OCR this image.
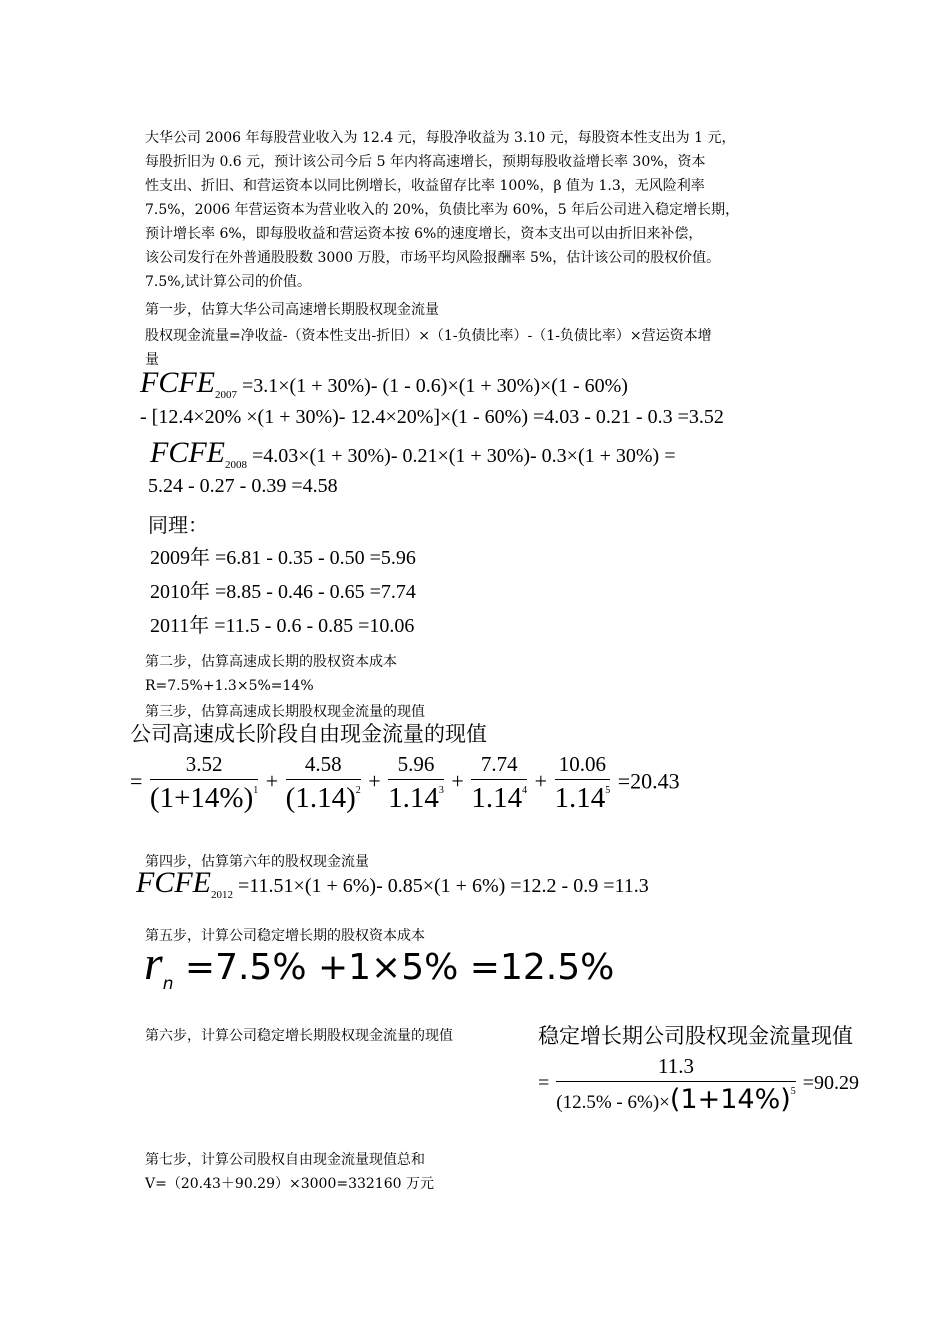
大华公司 2006 年每股营业收入为 12.4 元，每股净收益为 3.10 元，每股资本性支出为 1 元，
每股折旧为 0.6 元，预计该公司今后 5 年内将高速增长，预期每股收益增长率 30%，资本
性支出、折旧、和营运资本以同比例增长，收益留存比率 100%，β 值为 1.3，无风险利率
7.5%，2006 年营运资本为营业收入的 20%，负债比率为 60%，5 年后公司进入稳定增长期，
预计增长率 6%，即每股收益和营运资本按 6%的速度增长，资本支出可以由折旧来补偿，
该公司发行在外普通股股数 3000 万股，市场平均风险报酬率 5%，估计该公司的股权价值。
7.5%,试计算公司的价值。
第一步，估算大华公司高速增长期股权现金流量
股权现金流量=净收益-（资本性支出-折旧）×（1-负债比率）-（1-负债比率）×营运资本增
量
$FCFE_{2007} =3.1\times(1 + 30\%)-$ (1 - 0.6)×(1 + 30%)×(1 - 60%)
- [12.4×20% ×(1 + 30%)- 12.4×20%]×(1 - 60%) =4.03 - 0.21 - 0.3 =3.52
$FCFE_{2008} =4.03\times(1 + 30\%)-$ 0.21×(1 + 30%)- 0.3×(1 + 30%) =
5.24 - 0.27 - 0.39 =4.58
同理：
2009年 =6.81 - 0.35 - 0.50 =5.96
2010年 =8.85 - 0.46 - 0.65 =7.74
2011年 =11.5 - 0.6 - 0.85 =10.06
第二步，估算高速成长期的股权资本成本
R=7.5%+1.3×5%=14%
第三步，估算高速成长期股权现金流量的现值
公司高速成长阶段自由现金流量的现值
= $\frac{3.52}{(1+14\%)^1} + \frac{4.58}{(1.14)^2} + \frac{5.96}{1.14^3} + \frac{7.74}{1.14^4} + \frac{10.06}{1.14^5} =20.43$
第四步，估算第六年的股权现金流量
$FCFE_{2012} =11.51\times(1 + 6\%)-$ 0.85×(1 + 6%) =12.2 - 0.9 =11.3
第五步，计算公司稳定增长期的股权资本成本
$r_n =7.5\% +1\times 5\% =12.5\%$
第六步，计算公司稳定增长期股权现金流量的现值	稳定增长期公司股权现金流量现值
= $\frac{11.3}{(12.5\% - 6\%)\times(1+14\%)^5} =90.29$
第七步，计算公司股权自由现金流量现值总和
V=（20.43＋90.29）×3000=332160 万元
